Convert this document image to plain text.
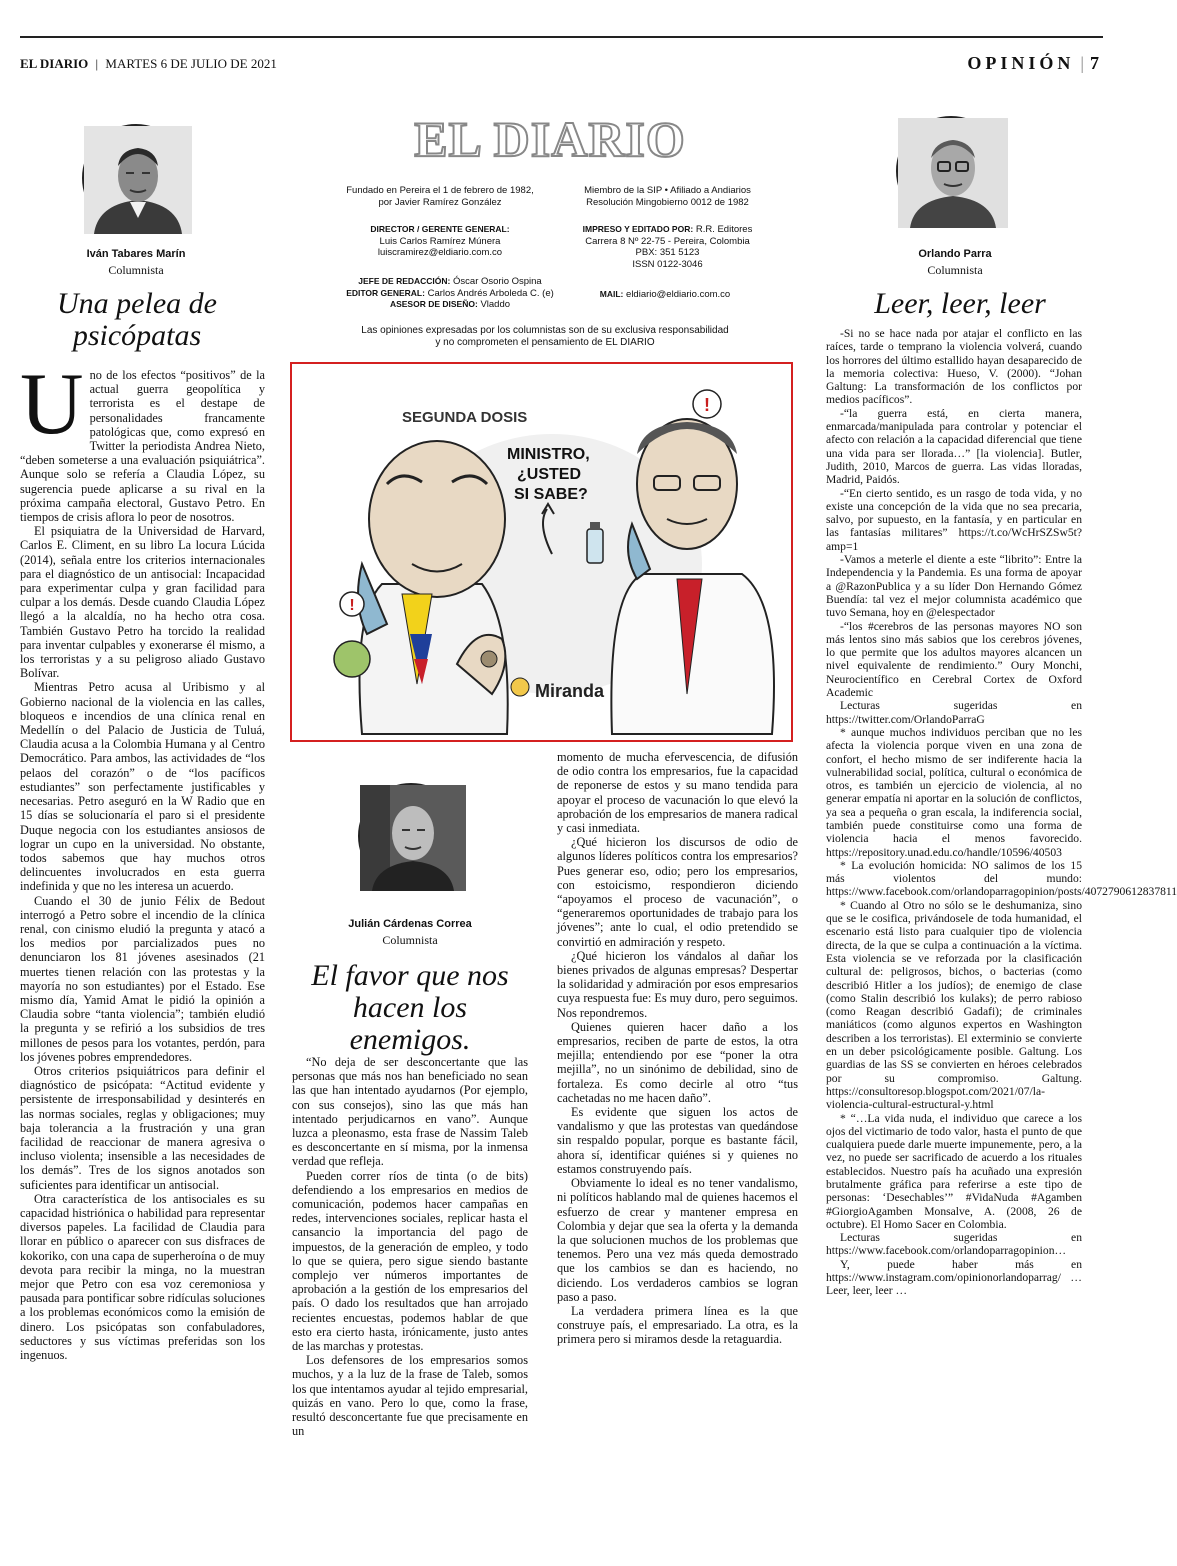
EL DIARIO | MARTES 6 DE JULIO DE 2021	OPINIÓN | 7
Iván Tabares Marín
Columnista
Una pelea de
psicópatas

Uno de los efectos “positivos” de la actual guerra geopolítica y terrorista es el destape de personalidades francamente patológicas que, como expresó en Twitter la periodista Andrea Nieto, “deben someterse a una evaluación psiquiátrica”. Aunque solo se refería a Claudia López, su sugerencia puede aplicarse a su rival en la próxima campaña electoral, Gustavo Petro. En tiempos de crisis aflora lo peor de nosotros.

El psiquiatra de la Universidad de Harvard, Carlos E. Climent, en su libro La locura Lúcida (2014), señala entre los criterios internacionales para el diagnóstico de un antisocial: Incapacidad para experimentar culpa y gran facilidad para culpar a los demás. Desde cuando Claudia López llegó a la alcaldía, no ha hecho otra cosa. También Gustavo Petro ha torcido la realidad para inventar culpables y exonerarse él mismo, a los terroristas y a su peligroso aliado Gustavo Bolívar.

Mientras Petro acusa al Uribismo y al Gobierno nacional de la violencia en las calles, bloqueos e incendios de una clínica renal en Medellín o del Palacio de Justicia de Tuluá, Claudia acusa a la Colombia Humana y al Centro Democrático. Para ambos, las actividades de “los pelaos del corazón” o de “los pacíficos estudiantes” son perfectamente justificables y necesarias. Petro aseguró en la W Radio que en 15 días se solucionaría el paro si el presidente Duque negocia con los estudiantes ansiosos de lograr un cupo en la universidad. No obstante, todos sabemos que hay muchos otros delincuentes involucrados en esta guerra indefinida y que no les interesa un acuerdo.

Cuando el 30 de junio Félix de Bedout interrogó a Petro sobre el incendio de la clínica renal, con cinismo eludió la pregunta y atacó a los medios por parcializados pues no denunciaron los 81 jóvenes asesinados (21 muertes tienen relación con las protestas y la mayoría no son estudiantes) por el Estado. Ese mismo día, Yamid Amat le pidió la opinión a Claudia sobre “tanta violencia”; también eludió la pregunta y se refirió a los subsidios de tres millones de pesos para los votantes, perdón, para los jóvenes pobres emprendedores.

Otros criterios psiquiátricos para definir el diagnóstico de psicópata: “Actitud evidente y persistente de irresponsabilidad y desinterés en las normas sociales, reglas y obligaciones; muy baja tolerancia a la frustración y una gran facilidad de reaccionar de manera agresiva o incluso violenta; insensible a las necesidades de los demás”. Tres de los signos anotados son suficientes para identificar un antisocial.

Otra característica de los antisociales es su capacidad histriónica o habilidad para representar diversos papeles. La facilidad de Claudia para llorar en público o aparecer con sus disfraces de kokoriko, con una capa de superheroína o de muy devota para recibir la minga, no la muestran mejor que Petro con esa voz ceremoniosa y pausada para pontificar sobre ridículas soluciones a los problemas económicos como la emisión de dinero. Los psicópatas son confabuladores, seductores y sus víctimas preferidas son los ingenuos.

EL DIARIO
Fundado en Pereira el 1 de febrero de 1982,
por Javier Ramírez González
Miembro de la SIP • Afiliado a Andiarios
Resolución Mingobierno 0012 de 1982
DIRECTOR / GERENTE GENERAL:
Luis Carlos Ramírez Múnera
luiscramirez@eldiario.com.co
IMPRESO Y EDITADO POR: R.R. Editores
Carrera 8 Nº 22-75 - Pereira, Colombia
PBX: 351 5123
ISSN 0122-3046
JEFE DE REDACCIÓN: Óscar Osorio Ospina
EDITOR GENERAL: Carlos Andrés Arboleda C. (e)
ASESOR DE DISEÑO: Vladdo
MAIL: eldiario@eldiario.com.co
Las opiniones expresadas por los columnistas son de su exclusiva responsabilidad
y no comprometen el pensamiento de EL DIARIO
!
!
SEGUNDA DOSIS
MINISTRO,
¿USTED
SI SABE?
Miranda
Julián Cárdenas Correa
Columnista
El favor que nos
hacen los enemigos.

“No deja de ser desconcertante que las personas que más nos han beneficiado no sean las que han intentado ayudarnos (Por ejemplo, con sus consejos), sino las que más han intentado perjudicarnos en vano”. Aunque luzca a pleonasmo, esta frase de Nassim Taleb es desconcertante en sí misma, por la inmensa verdad que refleja.

Pueden correr ríos de tinta (o de bits) defendiendo a los empresarios en medios de comunicación, podemos hacer campañas en redes, intervenciones sociales, replicar hasta el cansancio la importancia del pago de impuestos, de la generación de empleo, y todo lo que se quiera, pero sigue siendo bastante complejo ver números importantes de aprobación a la gestión de los empresarios del país. O dado los resultados que han arrojado recientes encuestas, podemos hablar de que esto era cierto hasta, irónicamente, justo antes de las marchas y protestas.

Los defensores de los empresarios somos muchos, y a la luz de la frase de Taleb, somos los que intentamos ayudar al tejido empresarial, quizás en vano. Pero lo que, como la frase, resultó desconcertante fue que precisamente en un

momento de mucha efervescencia, de difusión de odio contra los empresarios, fue la capacidad de reponerse de estos y su mano tendida para apoyar el proceso de vacunación lo que elevó la aprobación de los empresarios de manera radical y casi inmediata.

¿Qué hicieron los discursos de odio de algunos líderes políticos contra los empresarios? Pues generar eso, odio; pero los empresarios, con estoicismo, respondieron diciendo “apoyamos el proceso de vacunación”, o “generaremos oportunidades de trabajo para los jóvenes”; ante lo cual, el odio pretendido se convirtió en admiración y respeto.

¿Qué hicieron los vándalos al dañar los bienes privados de algunas empresas? Despertar la solidaridad y admiración por esos empresarios cuya respuesta fue: Es muy duro, pero seguimos. Nos repondremos.

Quienes quieren hacer daño a los empresarios, reciben de parte de estos, la otra mejilla; entendiendo por ese “poner la otra mejilla”, no un sinónimo de debilidad, sino de fortaleza. Es como decirle al otro “tus cachetadas no me hacen daño”.

Es evidente que siguen los actos de vandalismo y que las protestas van quedándose sin respaldo popular, porque es bastante fácil, ahora sí, identificar quiénes si y quienes no estamos construyendo país.

Obviamente lo ideal es no tener vandalismo, ni políticos hablando mal de quienes hacemos el esfuerzo de crear y mantener empresa en Colombia y dejar que sea la oferta y la demanda la que solucionen muchos de los problemas que tenemos. Pero una vez más queda demostrado que los cambios se dan es haciendo, no diciendo. Los verdaderos cambios se logran paso a paso.

La verdadera primera línea es la que construye país, el empresariado. La otra, es la primera pero si miramos desde la retaguardia.

Orlando Parra
Columnista
Leer, leer, leer

-Si no se hace nada por atajar el conflicto en las raíces, tarde o temprano la violencia volverá, cuando los horrores del último estallido hayan desaparecido de la memoria colectiva: Hueso, V. (2000). “Johan Galtung: La transformación de los conflictos por medios pacíficos”.

-“la guerra está, en cierta manera, enmarcada/manipulada para controlar y potenciar el afecto con relación a la capacidad diferencial que tiene una vida para ser llorada…” [la violencia]. Butler, Judith, 2010, Marcos de guerra. Las vidas lloradas, Madrid, Paidós.

-“En cierto sentido, es un rasgo de toda vida, y no existe una concepción de la vida que no sea precaria, salvo, por supuesto, en la fantasía, y en particular en las fantasías militares” https://t.co/WcHrSZSw5t?amp=1

-Vamos a meterle el diente a este “librito”: Entre la Independencia y la Pandemia. Es una forma de apoyar a @RazonPublica y a su líder Don Hernando Gómez Buendía: tal vez el mejor columnista académico que tuvo Semana, hoy en @elespectador

-“los #cerebros de las personas mayores NO son más lentos sino más sabios que los cerebros jóvenes, lo que permite que los adultos mayores alcancen un nivel equivalente de rendimiento.” Oury Monchi, Neurocientífico en Cerebral Cortex de Oxford Academic

Lecturas sugeridas en https://twitter.com/OrlandoParraG

* aunque muchos individuos perciban que no les afecta la violencia porque viven en una zona de confort, el hecho mismo de ser indiferente hacia la vulnerabilidad social, política, cultural o económica de otros, es también un ejercicio de violencia, al no generar empatía ni aportar en la solución de conflictos, ya sea a pequeña o gran escala, la indiferencia social, también puede constituirse como una forma de violencia hacia el menos favorecido. https://repository.unad.edu.co/handle/10596/40503

* La evolución homicida: NO salimos de los 15 más violentos del mundo: https://www.facebook.com/orlandoparragopinion/posts/4072790612837811

* Cuando al Otro no sólo se le deshumaniza, sino que se le cosifica, privándosele de toda humanidad, el escenario está listo para cualquier tipo de violencia directa, de la que se culpa a continuación a la víctima. Esta violencia se ve reforzada por la clasificación cultural de: peligrosos, bichos, o bacterias (como describió Hitler a los judíos); de enemigo de clase (como Stalin describió los kulaks); de perro rabioso (como Reagan describió Gadafi); de criminales maniáticos (como algunos expertos en Washington describen a los terroristas). El exterminio se convierte en un deber psicológicamente posible. Galtung. Los guardias de las SS se convierten en héroes celebrados por su compromiso. Galtung. https://consultoresop.blogspot.com/2021/07/la-violencia-cultural-estructural-y.html

* “…La vida nuda, el individuo que carece a los ojos del victimario de todo valor, hasta el punto de que cualquiera puede darle muerte impunemente, pero, a la vez, no puede ser sacrificado de acuerdo a los rituales establecidos. Nuestro país ha acuñado una expresión brutalmente gráfica para referirse a este tipo de personas: ‘Desechables’” #VidaNuda #Agamben #GiorgioAgamben Monsalve, A. (2008, 26 de octubre). El Homo Sacer en Colombia.

Lecturas sugeridas en https://www.facebook.com/orlandoparragopinion…

Y, puede haber más en https://www.instagram.com/opinionorlandoparrag/ … Leer, leer, leer …
